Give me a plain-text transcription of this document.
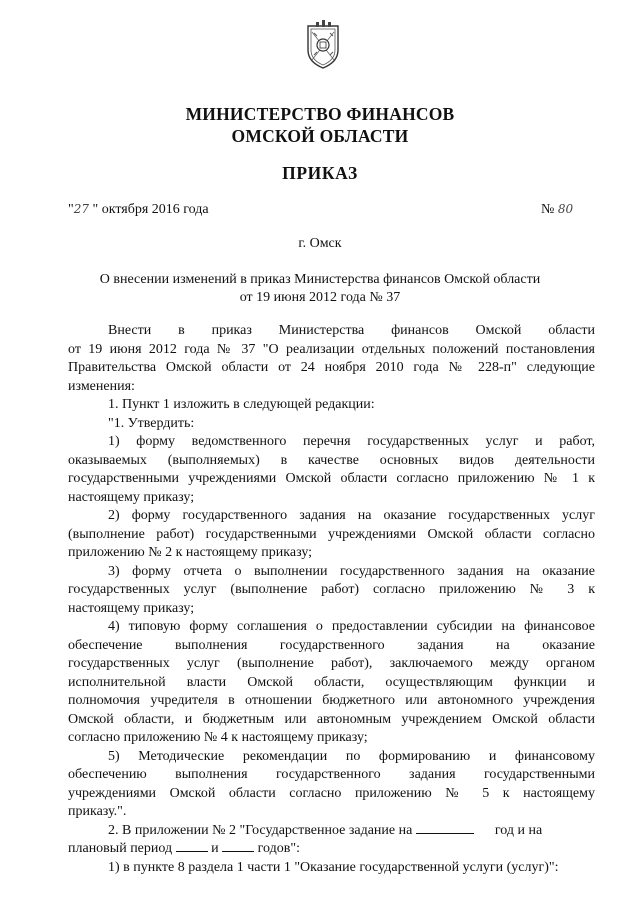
МИНИСТЕРСТВО ФИНАНСОВ
ОМСКОЙ ОБЛАСТИ
ПРИКАЗ
"27 " октября 2016 года	№ 80
г. Омск
О внесении изменений в приказ Министерства финансов Омской области
от 19 июня 2012 года № 37
Внести в приказ Министерства финансов Омской области
от 19 июня 2012 года № 37 "О реализации отдельных положений постановления
Правительства Омской области от 24 ноября 2010 года № 228-п" следующие
изменения:
1. Пункт 1 изложить в следующей редакции:
"1. Утвердить:
1) форму ведомственного перечня государственных услуг и работ,
оказываемых (выполняемых) в качестве основных видов деятельности
государственными учреждениями Омской области согласно приложению № 1 к
настоящему приказу;
2) форму государственного задания на оказание государственных услуг
(выполнение работ) государственными учреждениями Омской области согласно
приложению № 2 к настоящему приказу;
3) форму отчета о выполнении государственного задания на оказание
государственных услуг (выполнение работ) согласно приложению № 3 к
настоящему приказу;
4) типовую форму соглашения о предоставлении субсидии на финансовое
обеспечение выполнения государственного задания на оказание
государственных услуг (выполнение работ), заключаемого между органом
исполнительной власти Омской области, осуществляющим функции и
полномочия учредителя в отношении бюджетного или автономного учреждения
Омской области, и бюджетным или автономным учреждением Омской области
согласно приложению № 4 к настоящему приказу;
5) Методические рекомендации по формированию и финансовому
обеспечению выполнения государственного задания государственными
учреждениями Омской области согласно приложению № 5 к настоящему
приказу.".
2. В приложении № 2 "Государственное задание на	год и на
плановый период	и	годов":
1) в пункте 8 раздела 1 части 1 "Оказание государственной услуги (услуг)":
